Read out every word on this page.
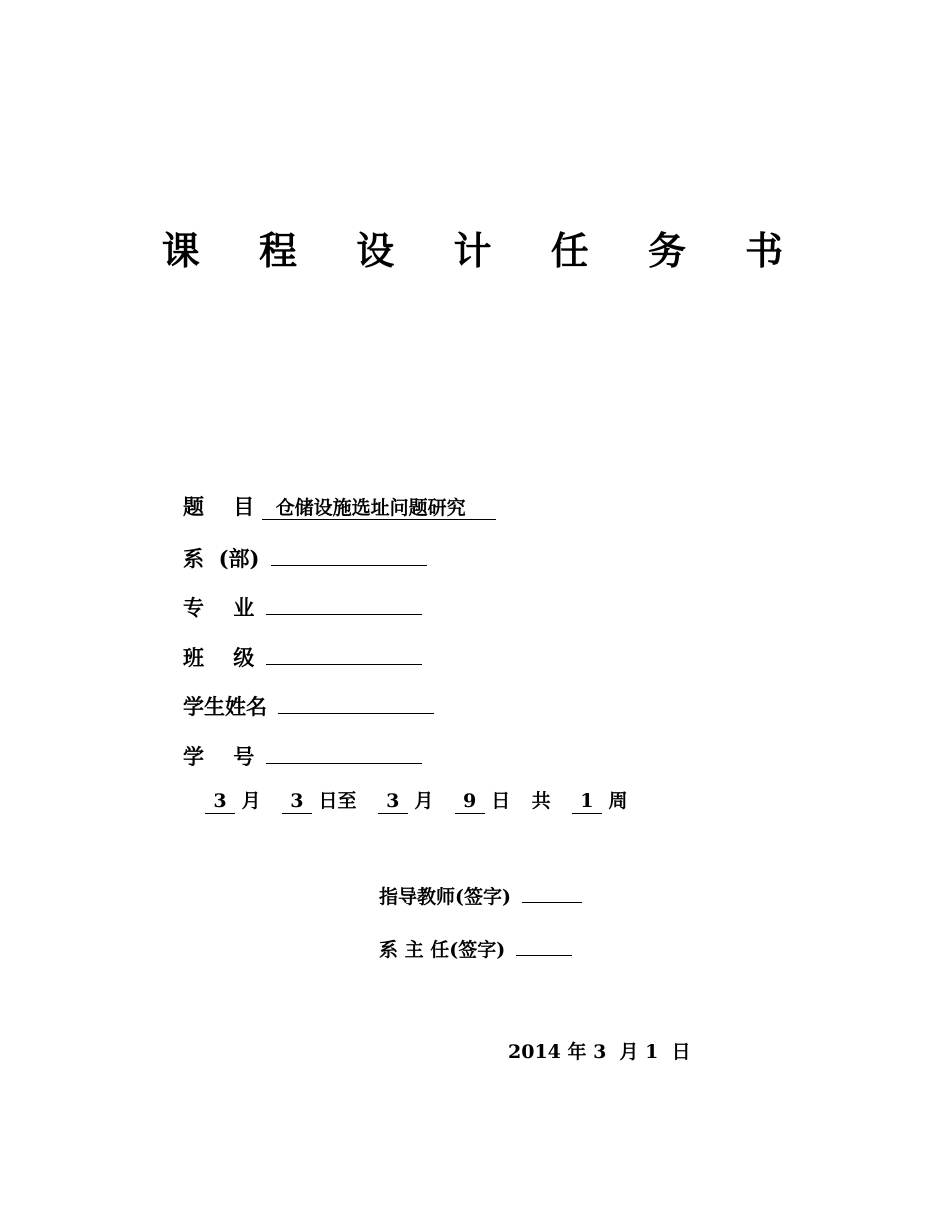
课 程 设 计 任 务 书
题    目 仓储设施选址问题研究
系  (部)
专    业
班    级
学生姓名
学    号
3 月 3 日至 3 月 9 日 共 1 周
指导教师(签字)
系 主 任(签字)
2014 年 3  月 1  日
